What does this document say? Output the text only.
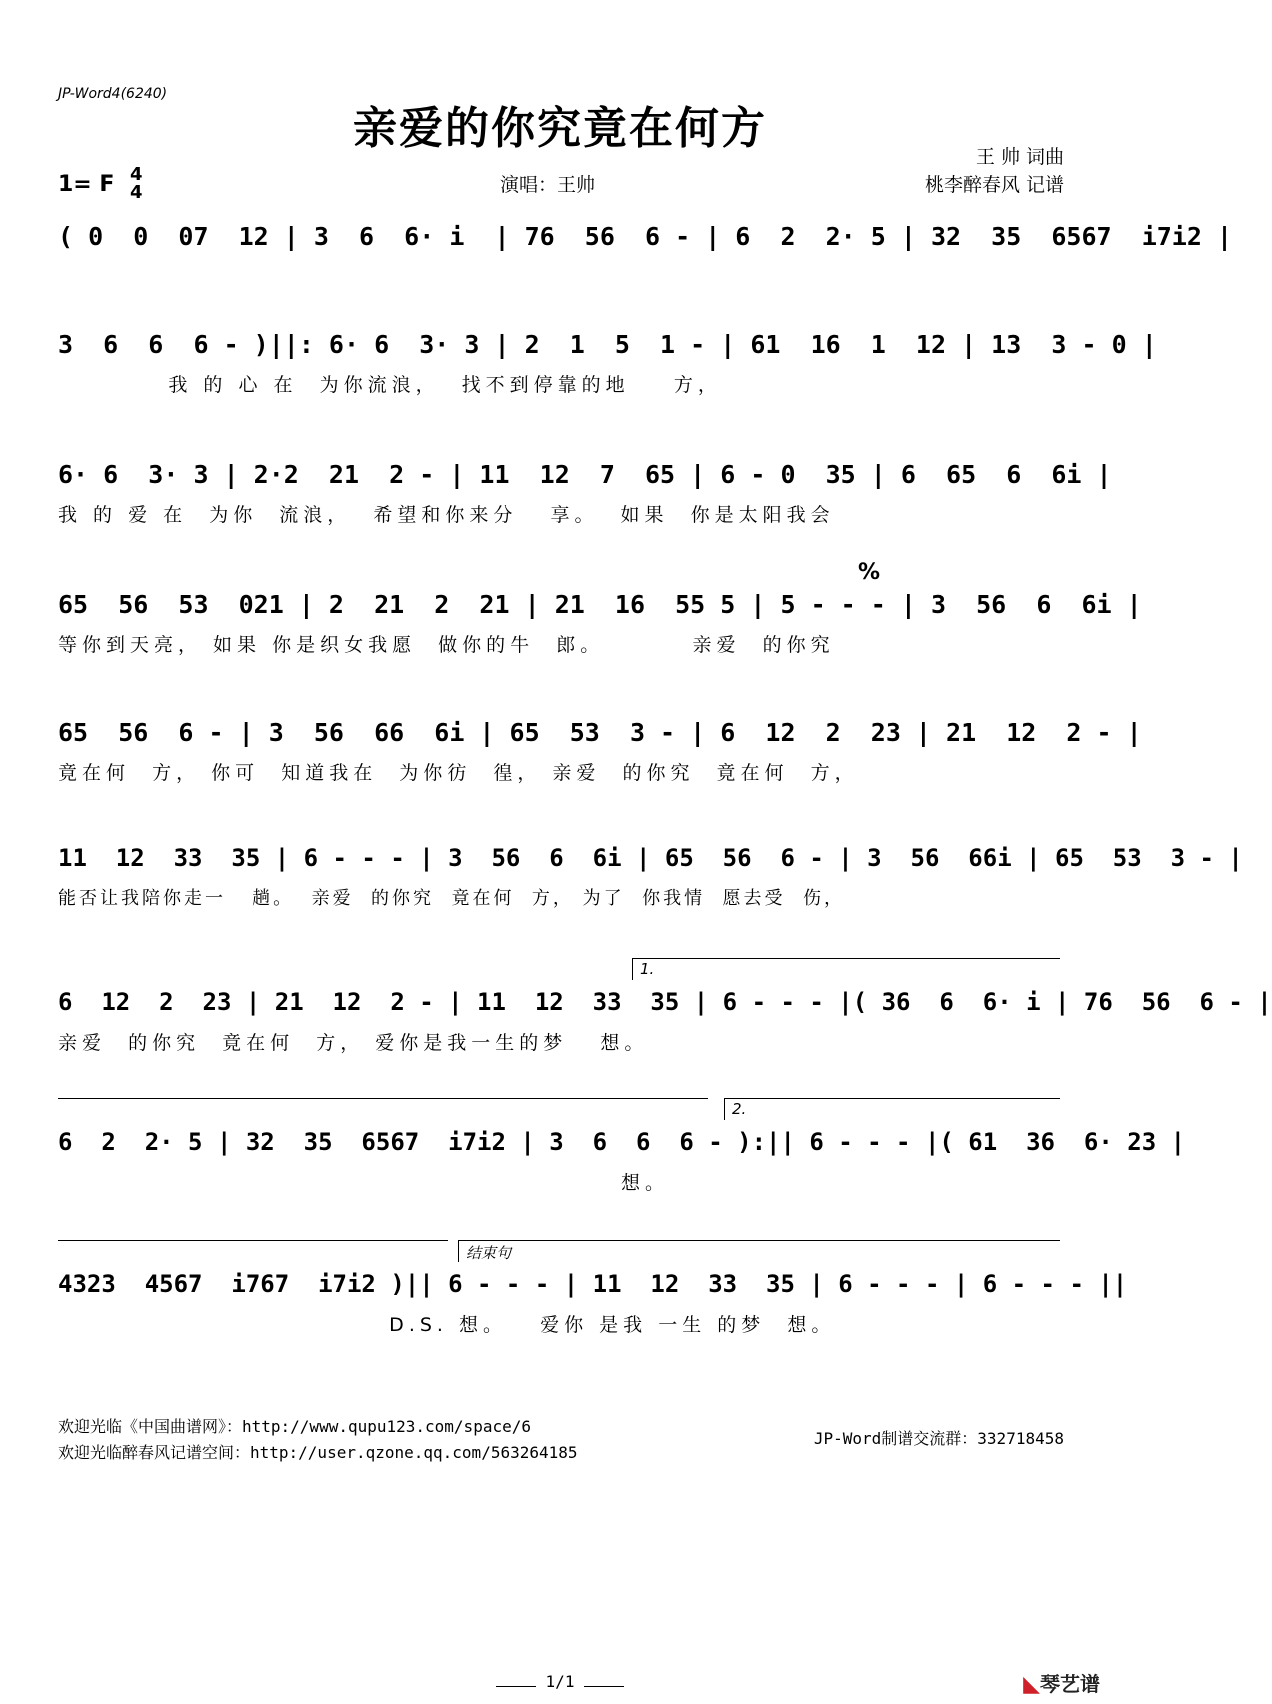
JP-Word4(6240)
亲爱的你究竟在何方
王 帅 词曲
桃李醉春风 记谱
演唱：王帅
1= F 4
4
( 0  0  07  12 | 3  6  6· i  | 76  56  6 - | 6  2  2· 5 | 32  35  6567  i7i2 |
3  6  6  6 - )||: 6· 6  3· 3 | 2  1  5  1 - | 61  16  1  12 | 13  3 - 0 |
我 的 心 在  为你流浪，  找不到停靠的地    方，
6· 6  3· 3 | 2·2  21  2 - | 11  12  7  65 | 6 - 0  35 | 6  65  6  6i |
我 的 爱 在  为你  流浪，  希望和你来分   享。  如果  你是太阳我会
%
65  56  53  021 | 2  21  2  21 | 21  16  55 5 | 5 - - - | 3  56  6  6i |
等你到天亮， 如果 你是织女我愿  做你的牛  郎。        亲爱  的你究
65  56  6 - | 3  56  66  6i | 65  53  3 - | 6  12  2  23 | 21  12  2 - |
竟在何  方， 你可  知道我在  为你彷  徨， 亲爱  的你究  竟在何  方，
11  12  33  35 | 6 - - - | 3  56  6  6i | 65  56  6 - | 3  56  66i | 65  53  3 - |
能否让我陪你走一   趟。  亲爱  的你究  竟在何  方， 为了  你我情  愿去受  伤，
1.
6  12  2  23 | 21  12  2 - | 11  12  33  35 | 6 - - - |( 36  6  6· i | 76  56  6 - |
亲爱  的你究  竟在何  方， 爱你是我一生的梦   想。
2.
6  2  2· 5 | 32  35  6567  i7i2 | 3  6  6  6 - ):|| 6 - - - |( 61  36  6· 23 |
想。
结束句
4323  4567  i767  i7i2 )|| 6 - - - | 11  12  33  35 | 6 - - - | 6 - - - ||
D.S. 想。   爱你 是我 一生 的梦  想。
欢迎光临《中国曲谱网》：http://www.qupu123.com/space/6
欢迎光临醉春风记谱空间：http://user.qzone.qq.com/563264185
JP-Word制谱交流群：332718458
1/1	◣琴艺谱
